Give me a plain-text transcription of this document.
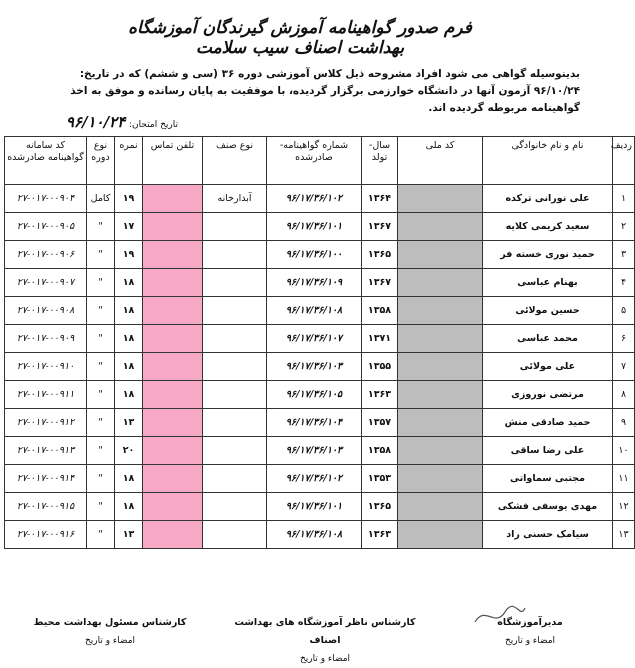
فرم صدور گواهینامه آموزش گیرندگان آموزشگاه بهداشت اصناف سیب سلامت
بدینوسیله گواهی می شود افراد مشروحه ذیل کلاس آموزشی دوره ۳۶ (سی و ششم) که در تاریخ: ۹۶/۱۰/۲۴ آزمون آنها در دانشگاه خوارزمی برگزار گردیده، با موفقیت به پایان رسانده و موفق به اخذ گواهینامه مربوطه گردیده اند.
تاریخ امتحان: ۹۶/۱۰/۲۴
ردیف	نام و نام خانوادگی	کد ملی	سال- تولد	شماره گواهینامه- صادرشده	نوع صنف	تلفن تماس	نمره	نوع دوره	کد سامانه گواهینامه صادرشده
۱	علی نورانی ترکده		۱۳۶۴	۹۶/۱۷/۳۶/۱۰۲	آبدارخانه		۱۹	کامل	۲۷-۰۱۷-۰۰۹۰۴
۲	سعید کریمی کلایه		۱۳۶۷	۹۶/۱۷/۳۶/۱۰۱			۱۷	"	۲۷-۰۱۷-۰۰۹۰۵
۳	حمید نوری خسته فر		۱۳۶۵	۹۶/۱۷/۳۶/۱۰۰			۱۹	"	۲۷-۰۱۷-۰۰۹۰۶
۴	بهنام عباسی		۱۳۶۷	۹۶/۱۷/۳۶/۱۰۹			۱۸	"	۲۷-۰۱۷-۰۰۹۰۷
۵	حسین مولائی		۱۳۵۸	۹۶/۱۷/۳۶/۱۰۸			۱۸	"	۲۷-۰۱۷-۰۰۹۰۸
۶	محمد عباسی		۱۳۷۱	۹۶/۱۷/۳۶/۱۰۷			۱۸	"	۲۷-۰۱۷-۰۰۹۰۹
۷	علی مولائی		۱۳۵۵	۹۶/۱۷/۳۶/۱۰۳			۱۸	"	۲۷-۰۱۷-۰۰۹۱۰
۸	مرتضی نوروزی		۱۳۶۳	۹۶/۱۷/۳۶/۱۰۵			۱۸	"	۲۷-۰۱۷-۰۰۹۱۱
۹	حمید صادقی منش		۱۳۵۷	۹۶/۱۷/۳۶/۱۰۴			۱۳	"	۲۷-۰۱۷-۰۰۹۱۲
۱۰	علی رضا ساقی		۱۳۵۸	۹۶/۱۷/۳۶/۱۰۳			۲۰	"	۲۷-۰۱۷-۰۰۹۱۳
۱۱	مجتبی سماواتی		۱۳۵۳	۹۶/۱۷/۳۶/۱۰۲			۱۸	"	۲۷-۰۱۷-۰۰۹۱۴
۱۲	مهدی یوسفی فشکی		۱۳۶۵	۹۶/۱۷/۳۶/۱۰۱			۱۸	"	۲۷-۰۱۷-۰۰۹۱۵
۱۳	سیامک حسنی راد		۱۳۶۳	۹۶/۱۷/۳۶/۱۰۸			۱۳	"	۲۷-۰۱۷-۰۰۹۱۶
مدیرآموزشگاه
امضاء و تاریخ
کارشناس ناظر آموزشگاه های بهداشت اصناف
امضاء و تاریخ
کارشناس مسئول بهداشت محیط
امضاء و تاریخ
